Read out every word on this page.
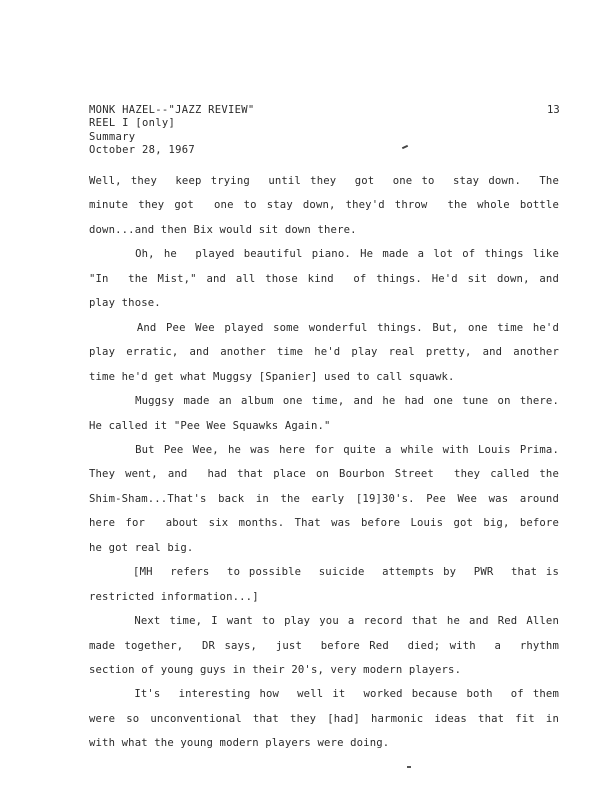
MONK HAZEL--"JAZZ REVIEW"
REEL I [only]
Summary
October 28, 1967
13
Well, they  keep trying  until they  got  one to  stay down.  The
minute they got  one to stay down, they'd throw  the whole bottle
down...and then Bix would sit down there.
Oh, he  played beautiful piano. He made a lot of things like
"In  the Mist," and all those kind  of things. He'd sit down, and
play those.
And Pee Wee played some wonderful things. But, one time he'd
play erratic, and another time he'd play real pretty, and another
time he'd get what Muggsy [Spanier] used to call squawk.
Muggsy made an album one time, and he had one tune on there.
He called it "Pee Wee Squawks Again."
But Pee Wee, he was here for quite a while with Louis Prima.
They went, and  had that place on Bourbon Street  they called the
Shim-Sham...That's back in the early [19]30's. Pee Wee was around
here for  about six months. That was before Louis got big, before
he got real big.
[MH  refers  to possible  suicide  attempts by  PWR  that is
restricted information...]
Next time, I want to play you a record that he and Red Allen
made together,  DR says,  just  before Red  died; with  a  rhythm
section of young guys in their 20's, very modern players.
It's  interesting how  well it  worked because both  of them
were so unconventional that they [had] harmonic ideas that fit in
with what the young modern players were doing.
